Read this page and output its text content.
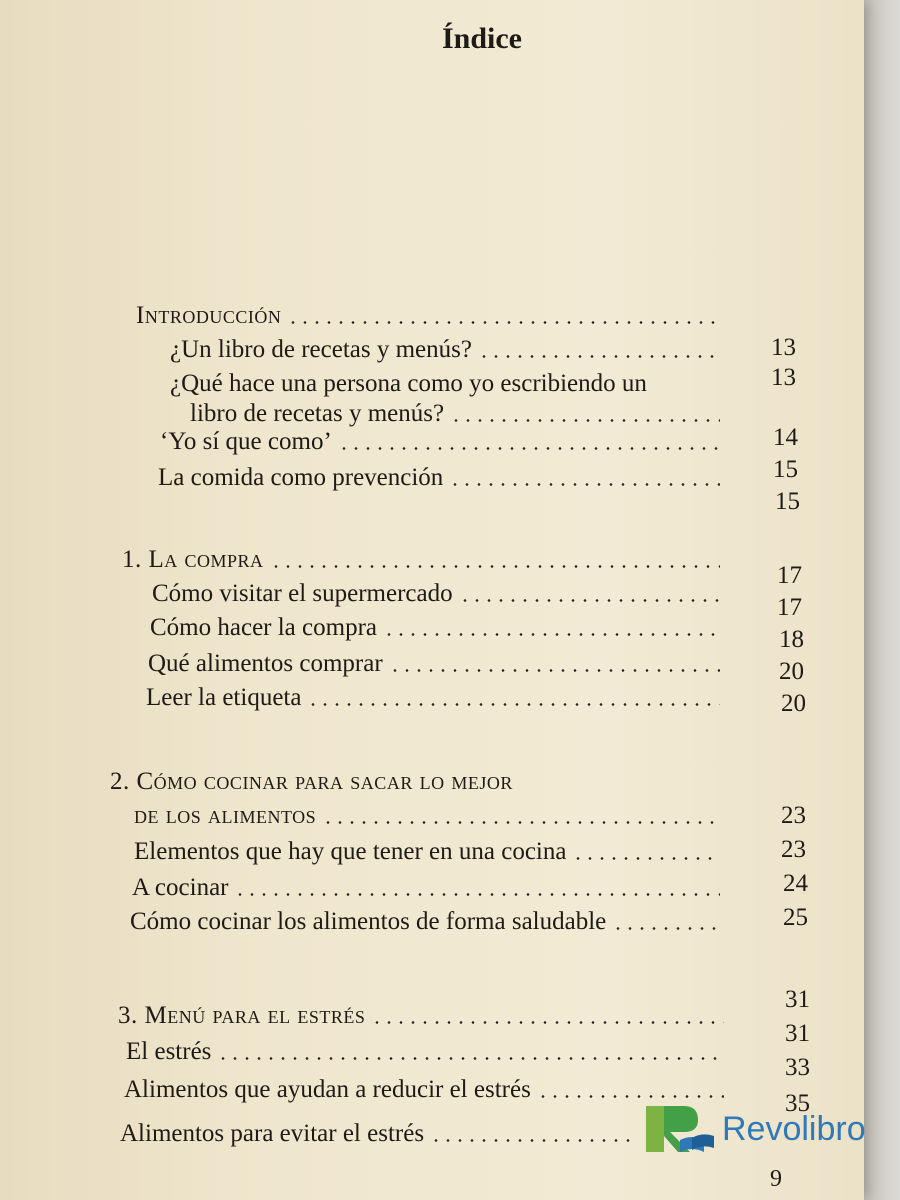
Índice
Introducción
¿Un libro de recetas y menús?
¿Qué hace una persona como yo escribiendo un
libro de recetas y menús?
‘Yo sí que como’
La comida como prevención
1. La compra
Cómo visitar el supermercado
Cómo hacer la compra
Qué alimentos comprar
Leer la etiqueta
2. Cómo cocinar para sacar lo mejor
de los alimentos
Elementos que hay que tener en una cocina
A cocinar
Cómo cocinar los alimentos de forma saludable
3. Menú para el estrés
El estrés
Alimentos que ayudan a reducir el estrés
Alimentos para evitar el estrés
13
13
14
15
15
17
17
18
20
20
23
23
24
25
31
31
33
35
Revolibro
9
